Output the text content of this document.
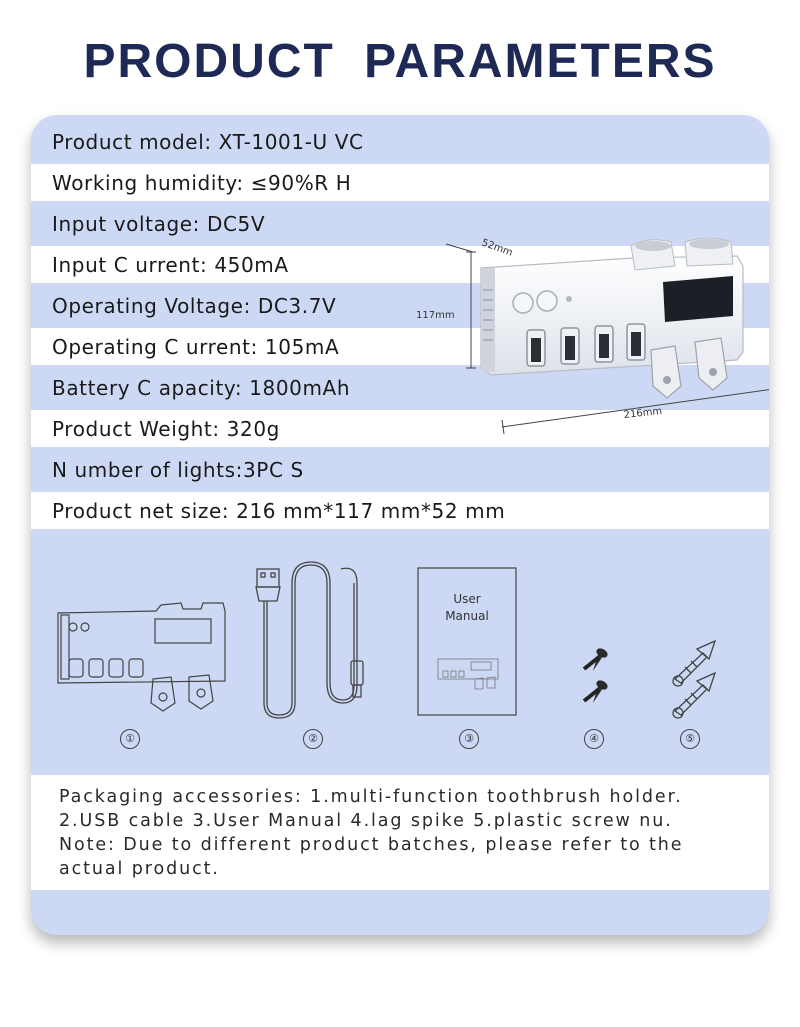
PRODUCT PARAMETERS
Product model: XT-1001-U VC
Working humidity: ≤90%R H
Input voltage: DC5V
Input C urrent: 450mA
Operating Voltage: DC3.7V
Operating C urrent: 105mA
Battery C apacity: 1800mAh
Product Weight: 320g
N umber of lights:3PC S
Product net size: 216 mm*117 mm*52 mm
52mm
117mm
216mm
User
Manual
①	②	③	④	⑤
Packaging accessories: 1.multi-function toothbrush holder.
2.USB cable 3.User Manual 4.lag spike 5.plastic screw nu.
Note: Due to different product batches, please refer to the
actual product.
